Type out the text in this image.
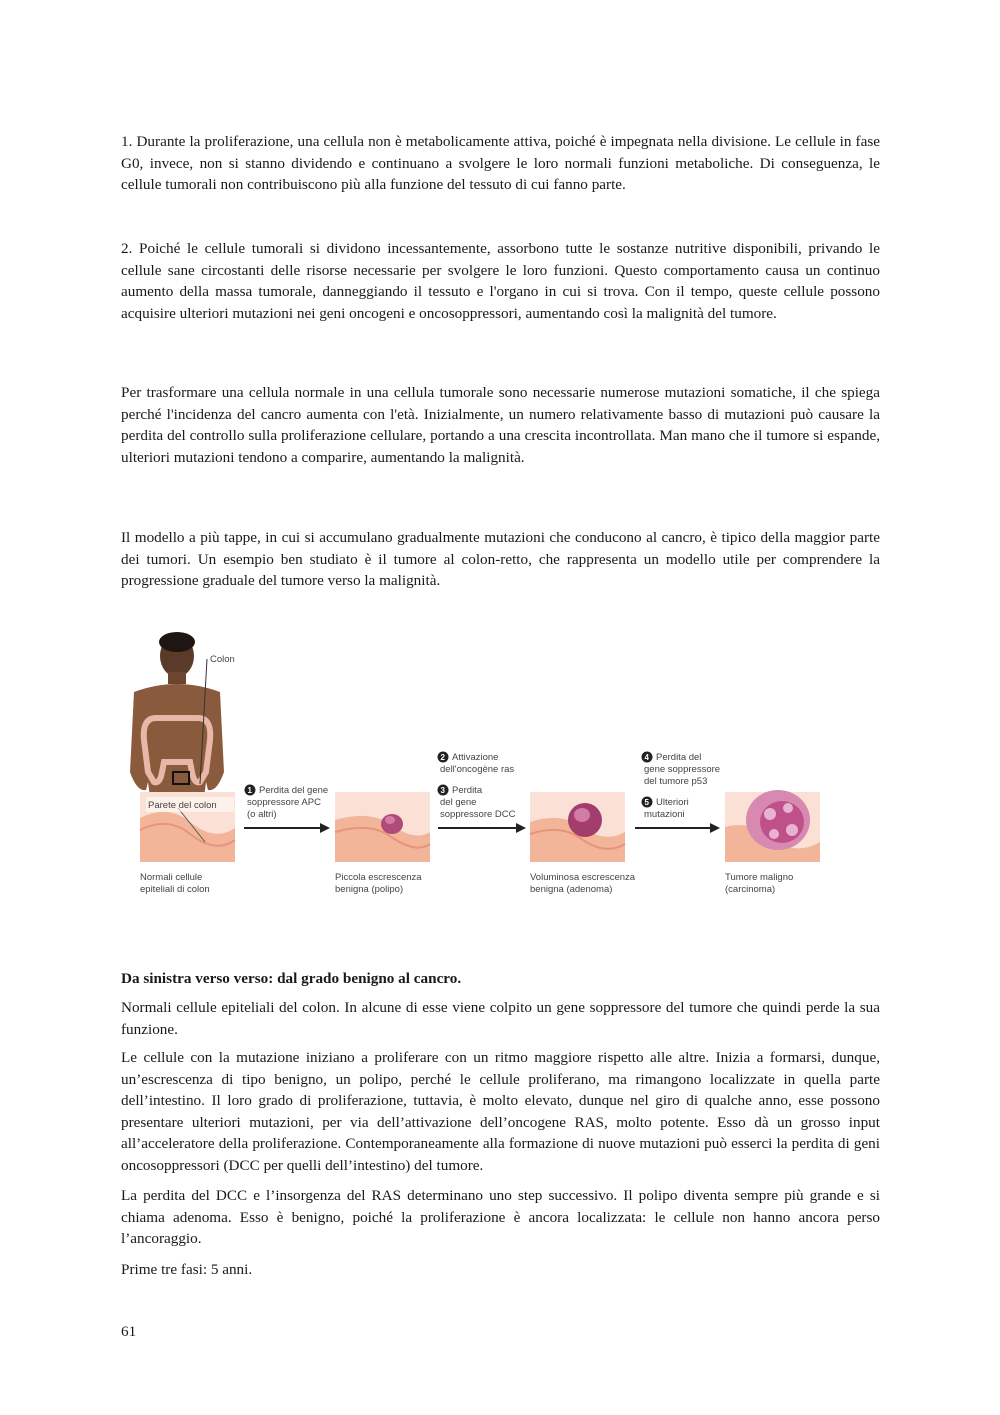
1. Durante la proliferazione, una cellula non è metabolicamente attiva, poiché è impegnata nella divisione. Le cellule in fase G0, invece, non si stanno dividendo e continuano a svolgere le loro normali funzioni metaboliche. Di conseguenza, le cellule tumorali non contribuiscono più alla funzione del tessuto di cui fanno parte.

2. Poiché le cellule tumorali si dividono incessantemente, assorbono tutte le sostanze nutritive disponibili, privando le cellule sane circostanti delle risorse necessarie per svolgere le loro funzioni. Questo comportamento causa un continuo aumento della massa tumorale, danneggiando il tessuto e l'organo in cui si trova. Con il tempo, queste cellule possono acquisire ulteriori mutazioni nei geni oncogeni e oncosoppressori, aumentando così la malignità del tumore.

Per trasformare una cellula normale in una cellula tumorale sono necessarie numerose mutazioni somatiche, il che spiega perché l'incidenza del cancro aumenta con l'età. Inizialmente, un numero relativamente basso di mutazioni può causare la perdita del controllo sulla proliferazione cellulare, portando a una crescita incontrollata. Man mano che il tumore si espande, ulteriori mutazioni tendono a comparire, aumentando la malignità.

Il modello a più tappe, in cui si accumulano gradualmente mutazioni che conducono al cancro, è tipico della maggior parte dei tumori. Un esempio ben studiato è il tumore al colon-retto, che rappresenta un modello utile per comprendere la progressione graduale del tumore verso la malignità.

Colon
Parete del colon
1 Perdita del gene
soppressore APC
(o altri)
2 Attivazione
dell'oncogène ras
3 Perdita
del gene
soppressore DCC
4 Perdita del
gene soppressore
del tumore p53
5 Ulteriori
mutazioni
Normali cellule
epiteliali di colon
Piccola escrescenza
benigna (polipo)
Voluminosa escrescenza
benigna (adenoma)
Tumore maligno
(carcinoma)

Da sinistra verso verso: dal grado benigno al cancro.

Normali cellule epiteliali del colon. In alcune di esse viene colpito un gene soppressore del tumore che quindi perde la sua funzione.

Le cellule con la mutazione iniziano a proliferare con un ritmo maggiore rispetto alle altre. Inizia a formarsi, dunque, un’escrescenza di tipo benigno, un polipo, perché le cellule proliferano, ma rimangono localizzate in quella parte dell’intestino. Il loro grado di proliferazione, tuttavia, è molto elevato, dunque nel giro di qualche anno, esse possono presentare ulteriori mutazioni, per via dell’attivazione dell’oncogene RAS, molto potente. Esso dà un grosso input all’acceleratore della proliferazione. Contemporaneamente alla formazione di nuove mutazioni può esserci la perdita di geni oncosoppressori (DCC per quelli dell’intestino) del tumore.

La perdita del DCC e l’insorgenza del RAS determinano uno step successivo. Il polipo diventa sempre più grande e si chiama adenoma. Esso è benigno, poiché la proliferazione è ancora localizzata: le cellule non hanno ancora perso l’ancoraggio.

Prime tre fasi: 5 anni.

61
